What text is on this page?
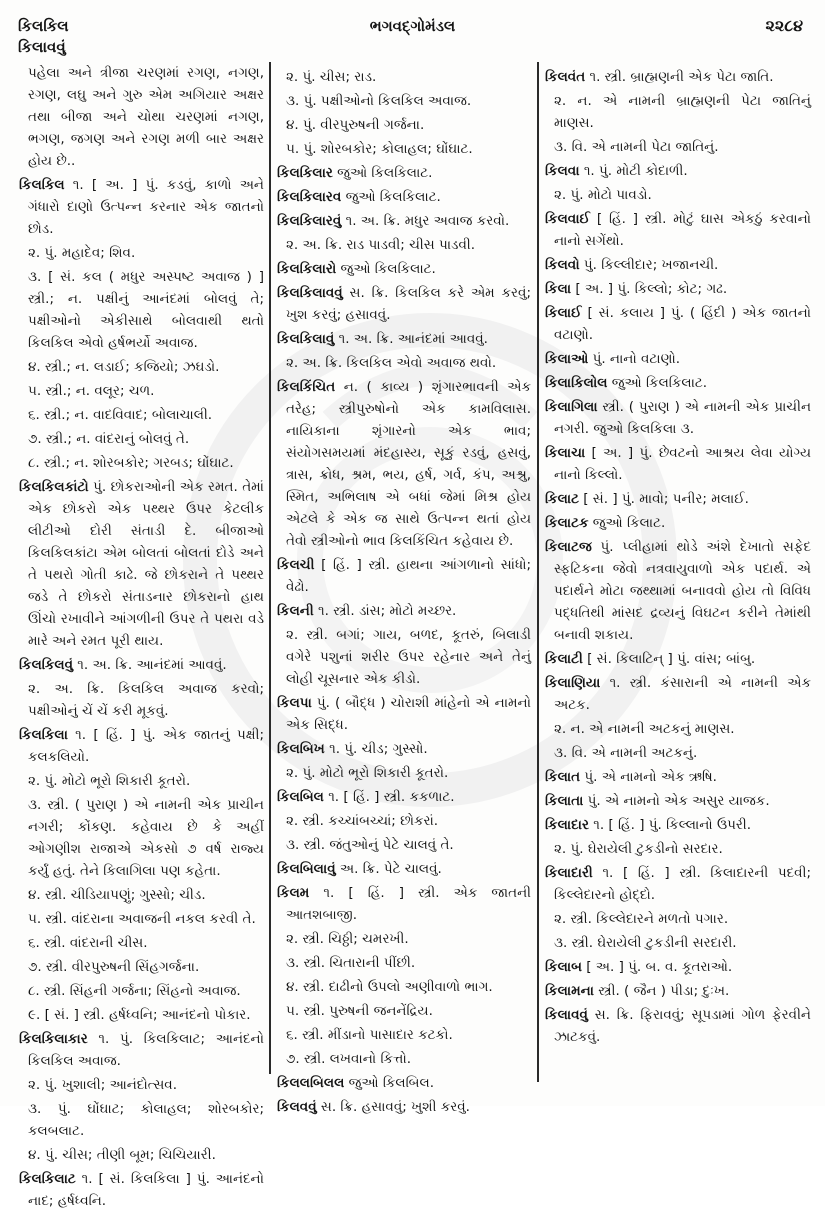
કિલકિલ
કિલાવવું
ભગવદ્ગોમંડલ	૨૨૮૪

પહેલા અને ત્રીજા ચરણમાં રગણ, નગણ, રગણ, લઘુ અને ગુરુ એમ અગિયાર અક્ષર તથા બીજા અને ચોથા ચરણમાં નગણ, ભગણ, જગણ અને રગણ મળી બાર અક્ષર હોય છે..

કિલકિલ ૧. [ અ. ] પું. કડવું, કાળો અને ગંધારો દાણો ઉત્પન્ન કરનાર એક જાતનો છોડ.

૨. પું. મહાદેવ; શિવ.

૩. [ સં. કલ ( મધુર અસ્પષ્ટ અવાજ ) ] સ્ત્રી.; ન. પક્ષીનું આનંદમાં બોલવું તે; પક્ષીઓનો એકીસાથે બોલવાથી થતો કિલકિલ એવો હર્ષભર્યો અવાજ.

૪. સ્ત્રી.; ન. લડાઈ; કજિયો; ઝઘડો.

૫. સ્ત્રી.; ન. વલૂર; ચળ.

૬. સ્ત્રી.; ન. વાદવિવાદ; બોલાચાલી.

૭. સ્ત્રી.; ન. વાંદરાનું બોલવું તે.

૮. સ્ત્રી.; ન. શોરબકોર; ગરબડ; ઘોંઘાટ.

કિલકિલકાંટો પું. છોકરાઓની એક રમત. તેમાં એક છોકરો એક પથ્થર ઉપર કેટલીક લીટીઓ દોરી સંતાડી દે. બીજાઓ કિલકિલકાંટા એમ બોલતાં બોલતાં દોડે અને તે પથરો ગોતી કાઢે. જે છોકરાને તે પથ્થર જડે તે છોકરો સંતાડનાર છોકરાનો હાથ ઊંચો રખાવીને આંગળીની ઉપર તે પથરા વડે મારે અને રમત પૂરી થાય.

કિલકિલવું ૧. અ. ક્રિ. આનંદમાં આવવું.

૨. અ. ક્રિ. કિલકિલ અવાજ કરવો; પક્ષીઓનું ચેં ચેં કરી મૂકવું.

કિલકિલા ૧. [ હિં. ] પું. એક જાતનું પક્ષી; કલકલિયો.

૨. પું. મોટો ભૂરો શિકારી કૂતરો.

૩. સ્ત્રી. ( પુરાણ ) એ નામની એક પ્રાચીન નગરી; કોંકણ. કહેવાય છે કે અહીં ઓગણીશ રાજાએ એકસો ૭ વર્ષ રાજ્ય કર્યું હતું. તેને કિલાગિલા પણ કહેતા.

૪. સ્ત્રી. ચીડિયાપણું; ગુસ્સો; ચીડ.

૫. સ્ત્રી. વાંદરાના અવાજની નકલ કરવી તે.

૬. સ્ત્રી. વાંદરાની ચીસ.

૭. સ્ત્રી. વીરપુરુષની સિંહગર્જના.

૮. સ્ત્રી. સિંહની ગર્જના; સિંહનો અવાજ.

૯. [ સં. ] સ્ત્રી. હર્ષધ્વનિ; આનંદનો પોકાર.

કિલકિલાકાર ૧. પું. કિલકિલાટ; આનંદનો કિલકિલ અવાજ.

૨. પું. ખુશાલી; આનંદોત્સવ.

૩. પું. ઘોંઘાટ; કોલાહલ; શોરબકોર; કલબલાટ.

૪. પું. ચીસ; તીણી બૂમ; ચિચિયારી.

કિલકિલાટ ૧. [ સં. કિલકિલા ] પું. આનંદનો નાદ; હર્ષધ્વનિ.

૨. પું. ચીસ; રાડ.

૩. પું. પક્ષીઓનો કિલકિલ અવાજ.

૪. પું. વીરપુરુષની ગર્જના.

૫. પું. શોરબકોર; કોલાહલ; ઘોંઘાટ.

કિલકિલાર જુઓ કિલકિલાટ.

કિલકિલારવ જુઓ કિલકિલાટ.

કિલકિલારવું ૧. અ. ક્રિ. મધુર અવાજ કરવો.

૨. અ. ક્રિ. રાડ પાડવી; ચીસ પાડવી.

કિલકિલારો જુઓ કિલકિલાટ.

કિલકિલાવવું સ. ક્રિ. કિલકિલ કરે એમ કરવું; ખુશ કરવું; હસાવવું.

કિલકિલાવું ૧. અ. ક્રિ. આનંદમાં આવવું.

૨. અ. ક્રિ. કિલકિલ એવો અવાજ થવો.

કિલકિંચિત ન. ( કાવ્ય ) શૃંગારભાવની એક તરેહ; સ્ત્રીપુરુષોનો એક કામવિલાસ. નાયિકાના શૃંગારનો એક ભાવ; સંયોગસમયમાં મંદહાસ્ય, સૂકું રડવું, હસવું, ત્રાસ, ક્રોધ, શ્રમ, ભય, હર્ષ, ગર્વ, કંપ, અશ્રુ, સ્મિત, અભિલાષ એ બધાં જેમાં મિશ્ર હોય એટલે કે એક જ સાથે ઉત્પન્ન થતાં હોય તેવો સ્ત્રીઓનો ભાવ કિલકિંચિત કહેવાય છે.

કિલચી [ હિં. ] સ્ત્રી. હાથના આંગળાનો સાંધો; વેઢો.

કિલની ૧. સ્ત્રી. ડાંસ; મોટો મચ્છર.

૨. સ્ત્રી. બગાં; ગાય, બળદ, કૂતરું, બિલાડી વગેરે પશુનાં શરીર ઉપર રહેનાર અને તેનું લોહી ચૂસનાર એક કીડો.

કિલપા પું. ( બૌદ્ધ ) ચોરાશી માંહેનો એ નામનો એક સિદ્ધ.

કિલબિખ ૧. પું. ચીડ; ગુસ્સો.

૨. પું. મોટો ભૂરો શિકારી કૂતરો.

કિલબિલ ૧. [ હિં. ] સ્ત્રી. કકળાટ.

૨. સ્ત્રી. કચ્ચાંબચ્ચાં; છોકરાં.

૩. સ્ત્રી. જંતુઓનું પેટે ચાલવું તે.

કિલબિલાવું અ. ક્રિ. પેટે ચાલવું.

કિલમ ૧. [ હિં. ] સ્ત્રી. એક જાતની આતશબાજી.

૨. સ્ત્રી. ચિઠ્ઠી; ચમરખી.

૩. સ્ત્રી. ચિતારાની પીંછી.

૪. સ્ત્રી. દાઢીનો ઉપલો અણીવાળો ભાગ.

૫. સ્ત્રી. પુરુષની જનનેંદ્રિય.

૬. સ્ત્રી. મીંડાનો પાસાદાર કટકો.

૭. સ્ત્રી. લખવાનો કિત્તો.

કિલલબિલલ જુઓ કિલબિલ.

કિલવવું સ. ક્રિ. હસાવવું; ખુશી કરવું.

કિલવંત ૧. સ્ત્રી. બ્રાહ્મણની એક પેટા જાતિ.

૨. ન. એ નામની બ્રાહ્મણની પેટા જાતિનું માણસ.

૩. વિ. એ નામની પેટા જાતિનું.

કિલવા ૧. પું. મોટી કોદાળી.

૨. પું. મોટો પાવડો.

કિલવાઈ [ હિં. ] સ્ત્રી. મોટું ઘાસ એકઠું કરવાનો નાનો સગેંથો.

કિલવો પું. કિલ્લીદાર; ખજાનચી.

કિલા [ અ. ] પું. કિલ્લો; કોટ; ગઢ.

કિલાઈ [ સં. કલાય ] પું. ( હિંદી ) એક જાતનો વટાણો.

કિલાઓ પું. નાનો વટાણો.

કિલાકિલોલ જુઓ કિલકિલાટ.

કિલાગિલા સ્ત્રી. ( પુરાણ ) એ નામની એક પ્રાચીન નગરી. જુઓ કિલકિલા ૩.

કિલાચા [ અ. ] પું. છેવટનો આશ્રય લેવા યોગ્ય નાનો કિલ્લો.

કિલાટ [ સં. ] પું. માવો; પનીર; મલાઈ.

કિલાટક જુઓ કિલાટ.

કિલાટજ પું. પ્લીહામાં થોડે અંશે દેખાતો સફેદ સ્ફટિકના જેવો નત્રવાયુવાળો એક પદાર્થ. એ પદાર્થને મોટા જથ્થામાં બનાવવો હોય તો વિવિધ પદ્ધતિથી માંસદ દ્રવ્યનું વિઘટન કરીને તેમાંથી બનાવી શકાય.

કિલાટી [ સં. કિલાટિન્ ] પું. વાંસ; બાંબુ.

કિલાણિયા ૧. સ્ત્રી. કંસારાની એ નામની એક અટક.

૨. ન. એ નામની અટકનું માણસ.

૩. વિ. એ નામની અટકનું.

કિલાત પું. એ નામનો એક ઋષિ.

કિલાતા પું. એ નામનો એક અસુર યાજક.

કિલાદાર ૧. [ હિં. ] પું. કિલ્લાનો ઉપરી.

૨. પું. ઘેરાયેલી ટુકડીનો સરદાર.

કિલાદારી ૧. [ હિં. ] સ્ત્રી. કિલાદારની પદવી; કિલ્લેદારનો હોદ્દો.

૨. સ્ત્રી. કિલ્લેદારને મળતો પગાર.

૩. સ્ત્રી. ઘેરાયેલી ટુકડીની સરદારી.

કિલાબ [ અ. ] પું. બ. વ. કૂતરાઓ.

કિલામના સ્ત્રી. ( જૈન ) પીડા; દુઃખ.

કિલાવવું સ. ક્રિ. ફિરાવવું; સૂપડામાં ગોળ ફેરવીને ઝાટકવું.
